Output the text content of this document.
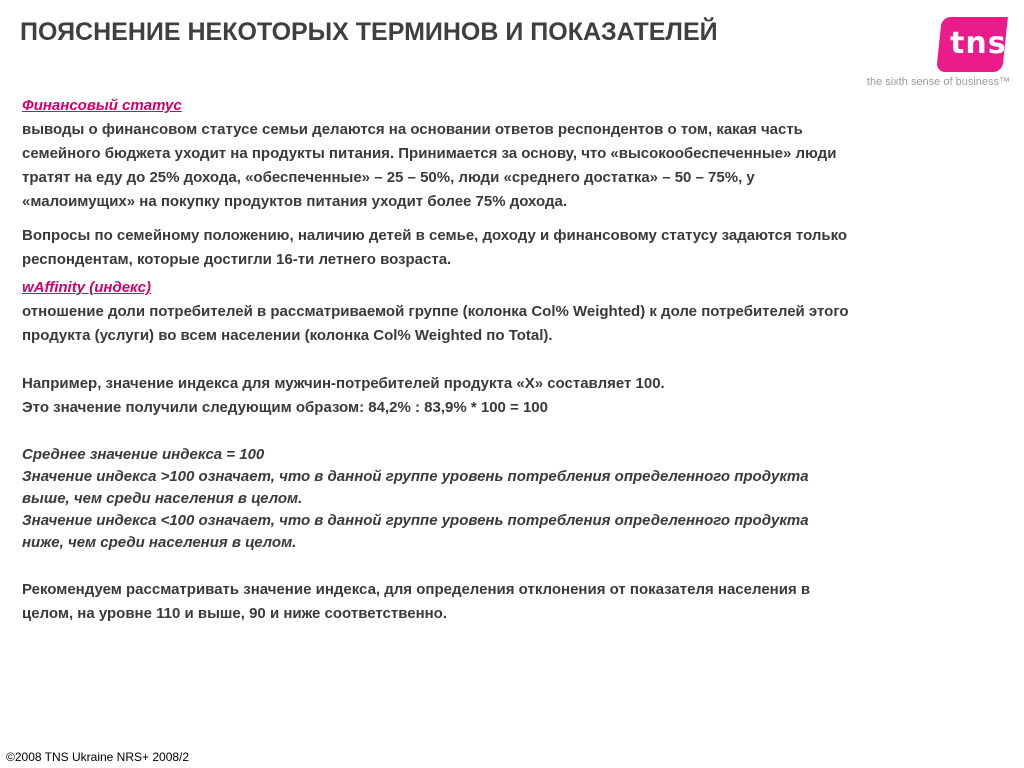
ПОЯСНЕНИЕ НЕКОТОРЫХ ТЕРМИНОВ И ПОКАЗАТЕЛЕЙ	tns
the sixth sense of business™

Финансовый статус

выводы о финансовом статусе семьи делаются на основании ответов респондентов о том, какая часть

семейного бюджета уходит на продукты питания. Принимается за основу, что «высокообеспеченные» люди

тратят на еду до 25% дохода, «обеспеченные» – 25 – 50%, люди «среднего достатка» – 50 – 75%, у

«малоимущих» на покупку продуктов питания уходит более 75% дохода.

Вопросы по семейному положению, наличию детей в семье, доходу и финансовому статусу задаются только

респондентам, которые достигли 16-ти летнего возраста.

wAffinity (индекс)

отношение доли потребителей в рассматриваемой группе (колонка Col% Weighted) к доле потребителей этого

продукта (услуги) во всем населении (колонка Col% Weighted по Total).

Например, значение индекса для мужчин-потребителей продукта «Х» составляет 100.

Это значение получили следующим образом: 84,2% : 83,9% * 100 = 100

Среднее значение индекса = 100

Значение индекса >100 означает, что в данной группе уровень потребления определенного продукта

выше, чем среди населения в целом.

Значение индекса <100 означает, что в данной группе уровень потребления определенного продукта

ниже, чем среди населения в целом.

Рекомендуем рассматривать значение индекса, для определения отклонения от показателя населения в

целом, на уровне 110 и выше, 90 и ниже соответственно.

©2008 TNS Ukraine NRS+ 2008/2
